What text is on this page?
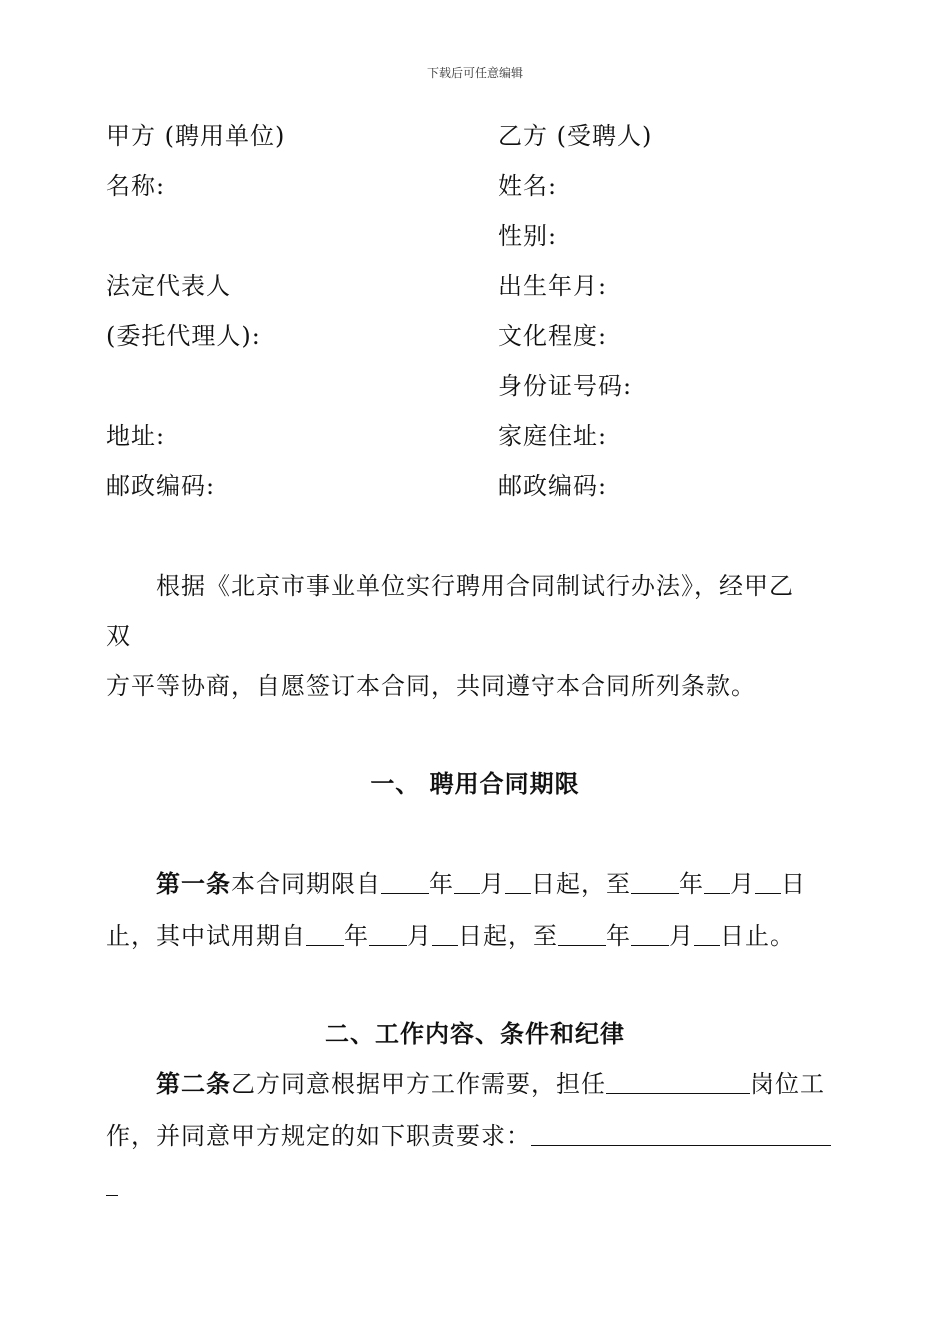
下载后可任意编辑
甲方 (聘用单位)
名称:
法定代表人
(委托代理人):
地址:
邮政编码:
乙方 (受聘人)
姓名:
性别:
出生年月:
文化程度:
身份证号码:
家庭住址:
邮政编码:
根据《北京市事业单位实行聘用合同制试行办法》，经甲乙
双
方平等协商，自愿签订本合同，共同遵守本合同所列条款。
一、 聘用合同期限
第一条本合同期限自 年 月 日起，至 年 月 日
止，其中试用期自 年 月 日起，至 年 月 日止。
二、工作内容、条件和纪律
第二条乙方同意根据甲方工作需要，担任	岗位工
作，并同意甲方规定的如下职责要求：
